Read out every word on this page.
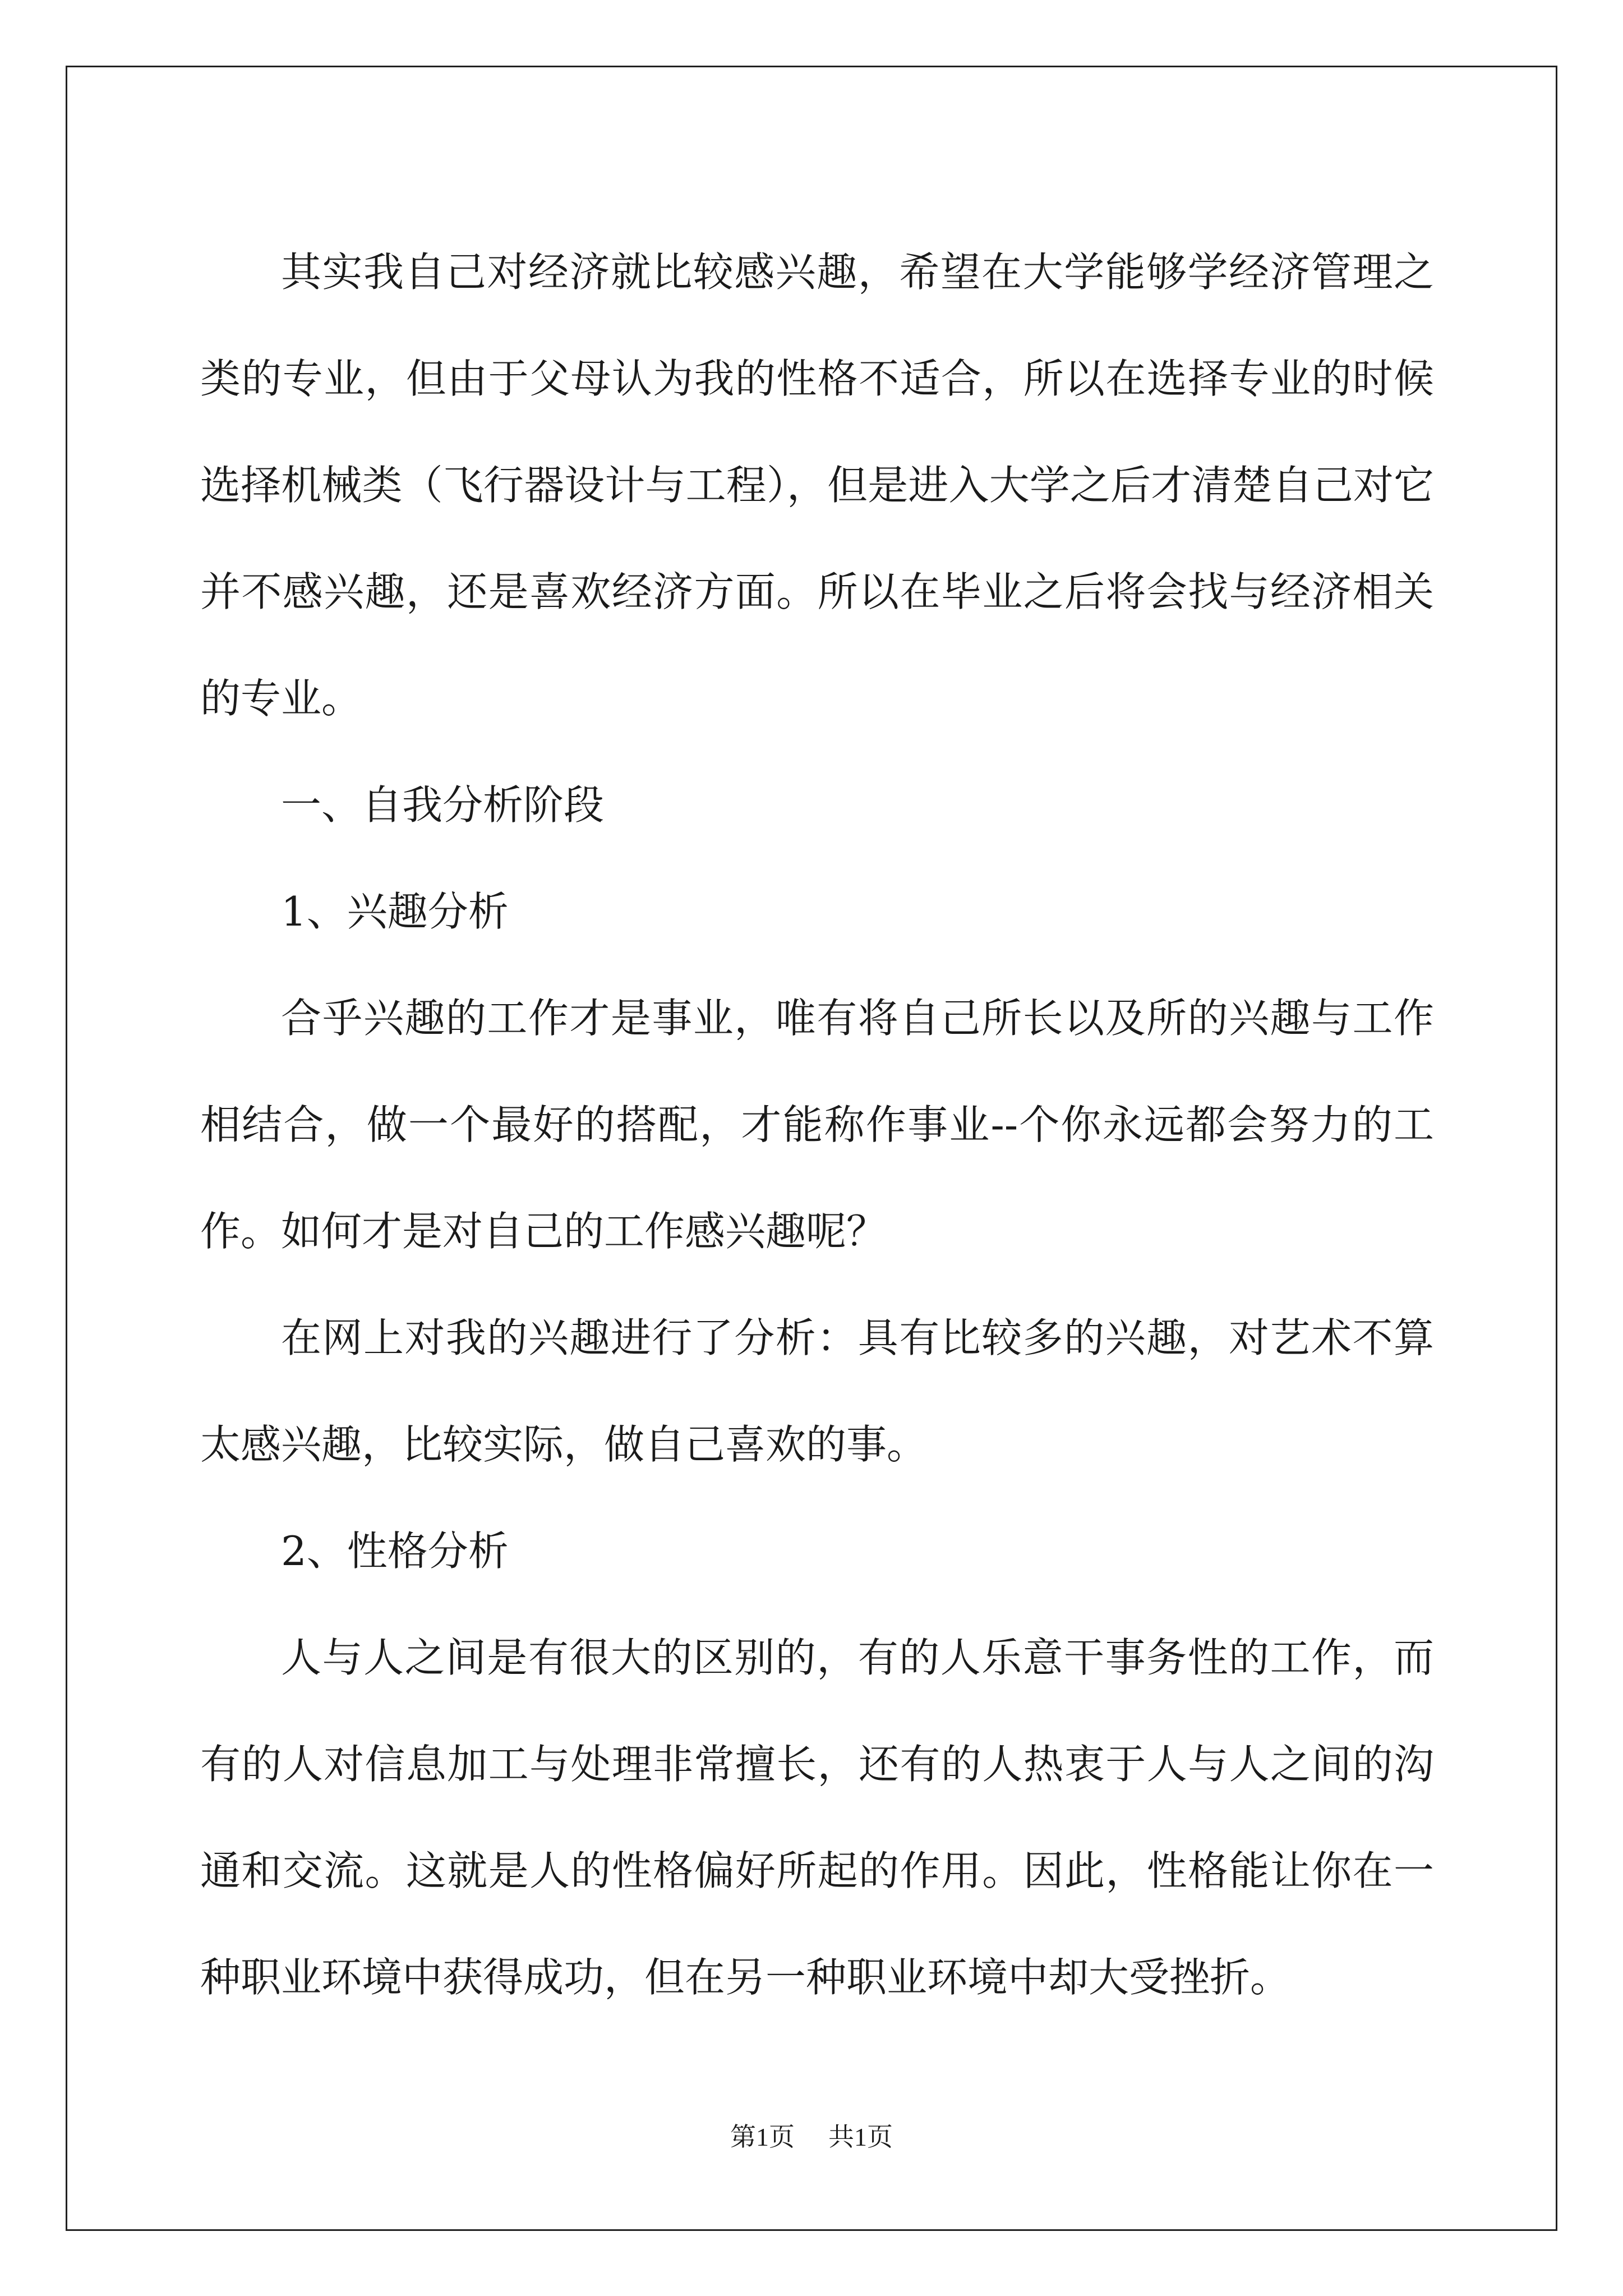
其实我自己对经济就比较感兴趣，希望在大学能够学经济管理之类的专业，但由于父母认为我的性格不适合，所以在选择专业的时候选择机械类（飞行器设计与工程），但是进入大学之后才清楚自己对它并不感兴趣，还是喜欢经济方面。所以在毕业之后将会找与经济相关的专业。

一、自我分析阶段

1、兴趣分析

合乎兴趣的工作才是事业，唯有将自己所长以及所的兴趣与工作相结合，做一个最好的搭配，才能称作事业--个你永远都会努力的工作。如何才是对自己的工作感兴趣呢？

在网上对我的兴趣进行了分析：具有比较多的兴趣，对艺术不算太感兴趣，比较实际，做自己喜欢的事。

2、性格分析

人与人之间是有很大的区别的，有的人乐意干事务性的工作，而有的人对信息加工与处理非常擅长，还有的人热衷于人与人之间的沟通和交流。这就是人的性格偏好所起的作用。因此，性格能让你在一种职业环境中获得成功，但在另一种职业环境中却大受挫折。

第1页 共1页
